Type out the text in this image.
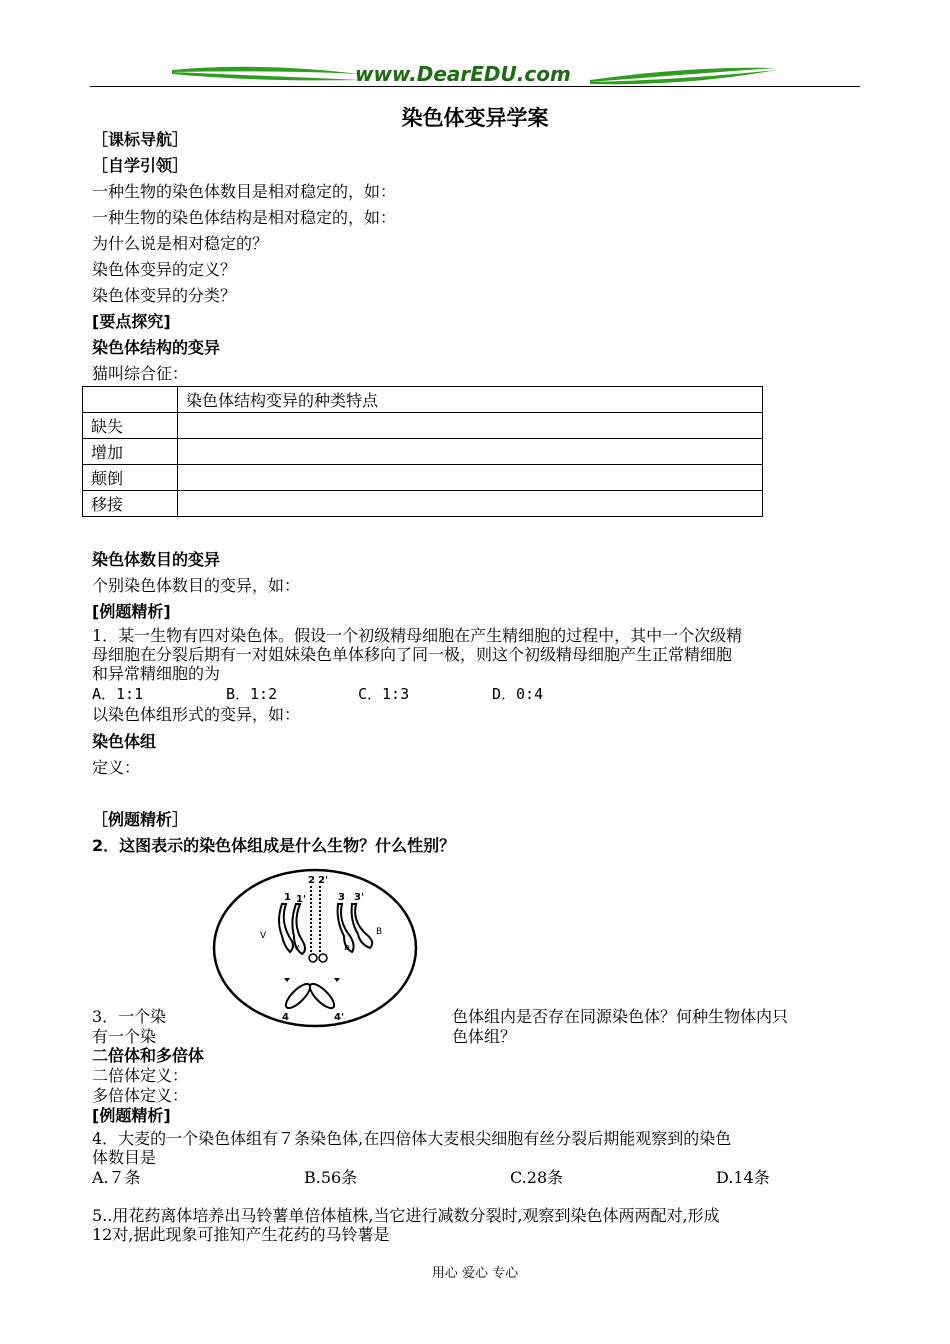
www.DearEDU.com
染色体变异学案
［课标导航］
［自学引领］
一种生物的染色体数目是相对稳定的，如：
一种生物的染色体结构是相对稳定的，如：
为什么说是相对稳定的？
染色体变异的定义？
染色体变异的分类？
[要点探究]
染色体结构的变异
猫叫综合征：
	染色体结构变异的种类特点
缺失	
增加	
颠倒	
移接	
染色体数目的变异
个别染色体数目的变异，如：
[例题精析]
1．某一生物有四对染色体。假设一个初级精母细胞在产生精细胞的过程中，其中一个次级精
母细胞在分裂后期有一对姐妹染色单体移向了同一极，则这个初级精母细胞产生正常精细胞
和异常精细胞的为
A．1:1	B．1:2	C．1:3	D．0:4
以染色体组形式的变异，如：
染色体组
定义：
［例题精析］
2．这图表示的染色体组成是什么生物？什么性别？
1 1'
2 2'
3 3'
V
v	b
B
4	4'
3．一个染
有一个染
色体组内是否存在同源染色体？何种生物体内只
色体组？
二倍体和多倍体
二倍体定义：
多倍体定义：
[例题精析]
4．大麦的一个染色体组有７条染色体,在四倍体大麦根尖细胞有丝分裂后期能观察到的染色
体数目是
A.７条	B.56条	C.28条	D.14条
5..用花药离体培养出马铃薯单倍体植株,当它进行减数分裂时,观察到染色体两两配对,形成
12对,据此现象可推知产生花药的马铃薯是
用心 爱心 专心
